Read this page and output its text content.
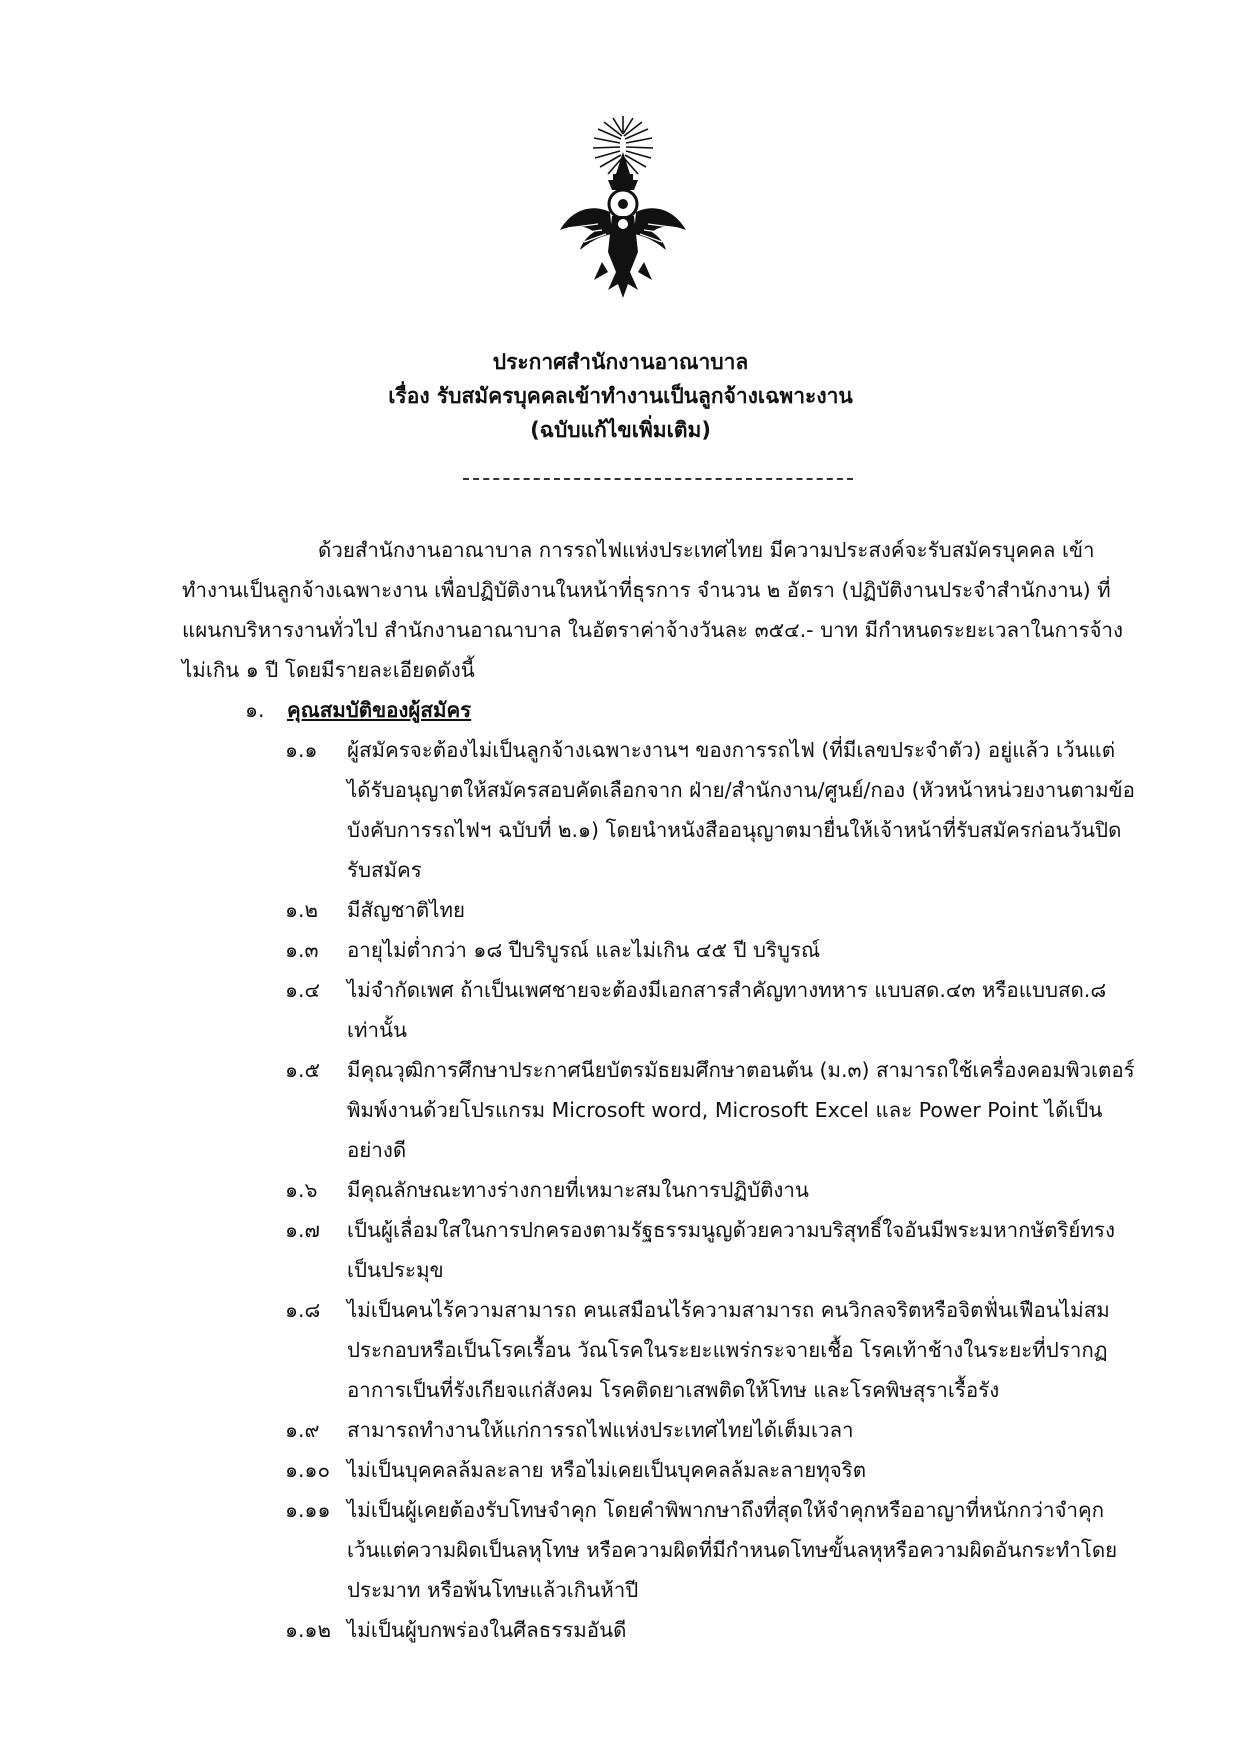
ประกาศสำนักงานอาณาบาล

เรื่อง รับสมัครบุคคลเข้าทำงานเป็นลูกจ้างเฉพาะงาน

(ฉบับแก้ไขเพิ่มเติม)

ด้วยสำนักงานอาณาบาล การรถไฟแห่งประเทศไทย มีความประสงค์จะรับสมัครบุคคล เข้าทำงานเป็นลูกจ้างเฉพาะงาน เพื่อปฏิบัติงานในหน้าที่ธุรการ จำนวน ๒ อัตรา (ปฏิบัติงานประจำสำนักงาน) ที่แผนกบริหารงานทั่วไป สำนักงานอาณาบาล ในอัตราค่าจ้างวันละ ๓๕๔.- บาท มีกำหนดระยะเวลาในการจ้างไม่เกิน ๑ ปี โดยมีรายละเอียดดังนี้

๑. คุณสมบัติของผู้สมัคร
๑.๑	ผู้สมัครจะต้องไม่เป็นลูกจ้างเฉพาะงานฯ ของการรถไฟ (ที่มีเลขประจำตัว) อยู่แล้ว เว้นแต่ได้รับอนุญาตให้สมัครสอบคัดเลือกจาก ฝ่าย/สำนักงาน/ศูนย์/กอง (หัวหน้าหน่วยงานตามข้อบังคับการรถไฟฯ ฉบับที่ ๒.๑) โดยนำหนังสืออนุญาตมายื่นให้เจ้าหน้าที่รับสมัครก่อนวันปิดรับสมัคร
๑.๒	มีสัญชาติไทย
๑.๓	อายุไม่ต่ำกว่า ๑๘ ปีบริบูรณ์ และไม่เกิน ๔๕ ปี บริบูรณ์
๑.๔	ไม่จำกัดเพศ ถ้าเป็นเพศชายจะต้องมีเอกสารสำคัญทางทหาร แบบสด.๔๓ หรือแบบสด.๘ เท่านั้น
๑.๕	มีคุณวุฒิการศึกษาประกาศนียบัตรมัธยมศึกษาตอนต้น (ม.๓) สามารถใช้เครื่องคอมพิวเตอร์พิมพ์งานด้วยโปรแกรม Microsoft word, Microsoft Excel และ Power Point ได้เป็นอย่างดี
๑.๖	มีคุณลักษณะทางร่างกายที่เหมาะสมในการปฏิบัติงาน
๑.๗	เป็นผู้เลื่อมใสในการปกครองตามรัฐธรรมนูญด้วยความบริสุทธิ์ใจอันมีพระมหากษัตริย์ทรงเป็นประมุข
๑.๘	ไม่เป็นคนไร้ความสามารถ คนเสมือนไร้ความสามารถ คนวิกลจริตหรือจิตฟั่นเฟือนไม่สมประกอบหรือเป็นโรคเรื้อน วัณโรคในระยะแพร่กระจายเชื้อ โรคเท้าช้างในระยะที่ปรากฏอาการเป็นที่รังเกียจแก่สังคม โรคติดยาเสพติดให้โทษ และโรคพิษสุราเรื้อรัง
๑.๙	สามารถทำงานให้แก่การรถไฟแห่งประเทศไทยได้เต็มเวลา
๑.๑๐ ไม่เป็นบุคคลล้มละลาย หรือไม่เคยเป็นบุคคลล้มละลายทุจริต
๑.๑๑ ไม่เป็นผู้เคยต้องรับโทษจำคุก โดยคำพิพากษาถึงที่สุดให้จำคุกหรืออาญาที่หนักกว่าจำคุก เว้นแต่ความผิดเป็นลหุโทษ หรือความผิดที่มีกำหนดโทษขั้นลหุหรือความผิดอันกระทำโดยประมาท หรือพ้นโทษแล้วเกินห้าปี
๑.๑๒ ไม่เป็นผู้บกพร่องในศีลธรรมอันดี
